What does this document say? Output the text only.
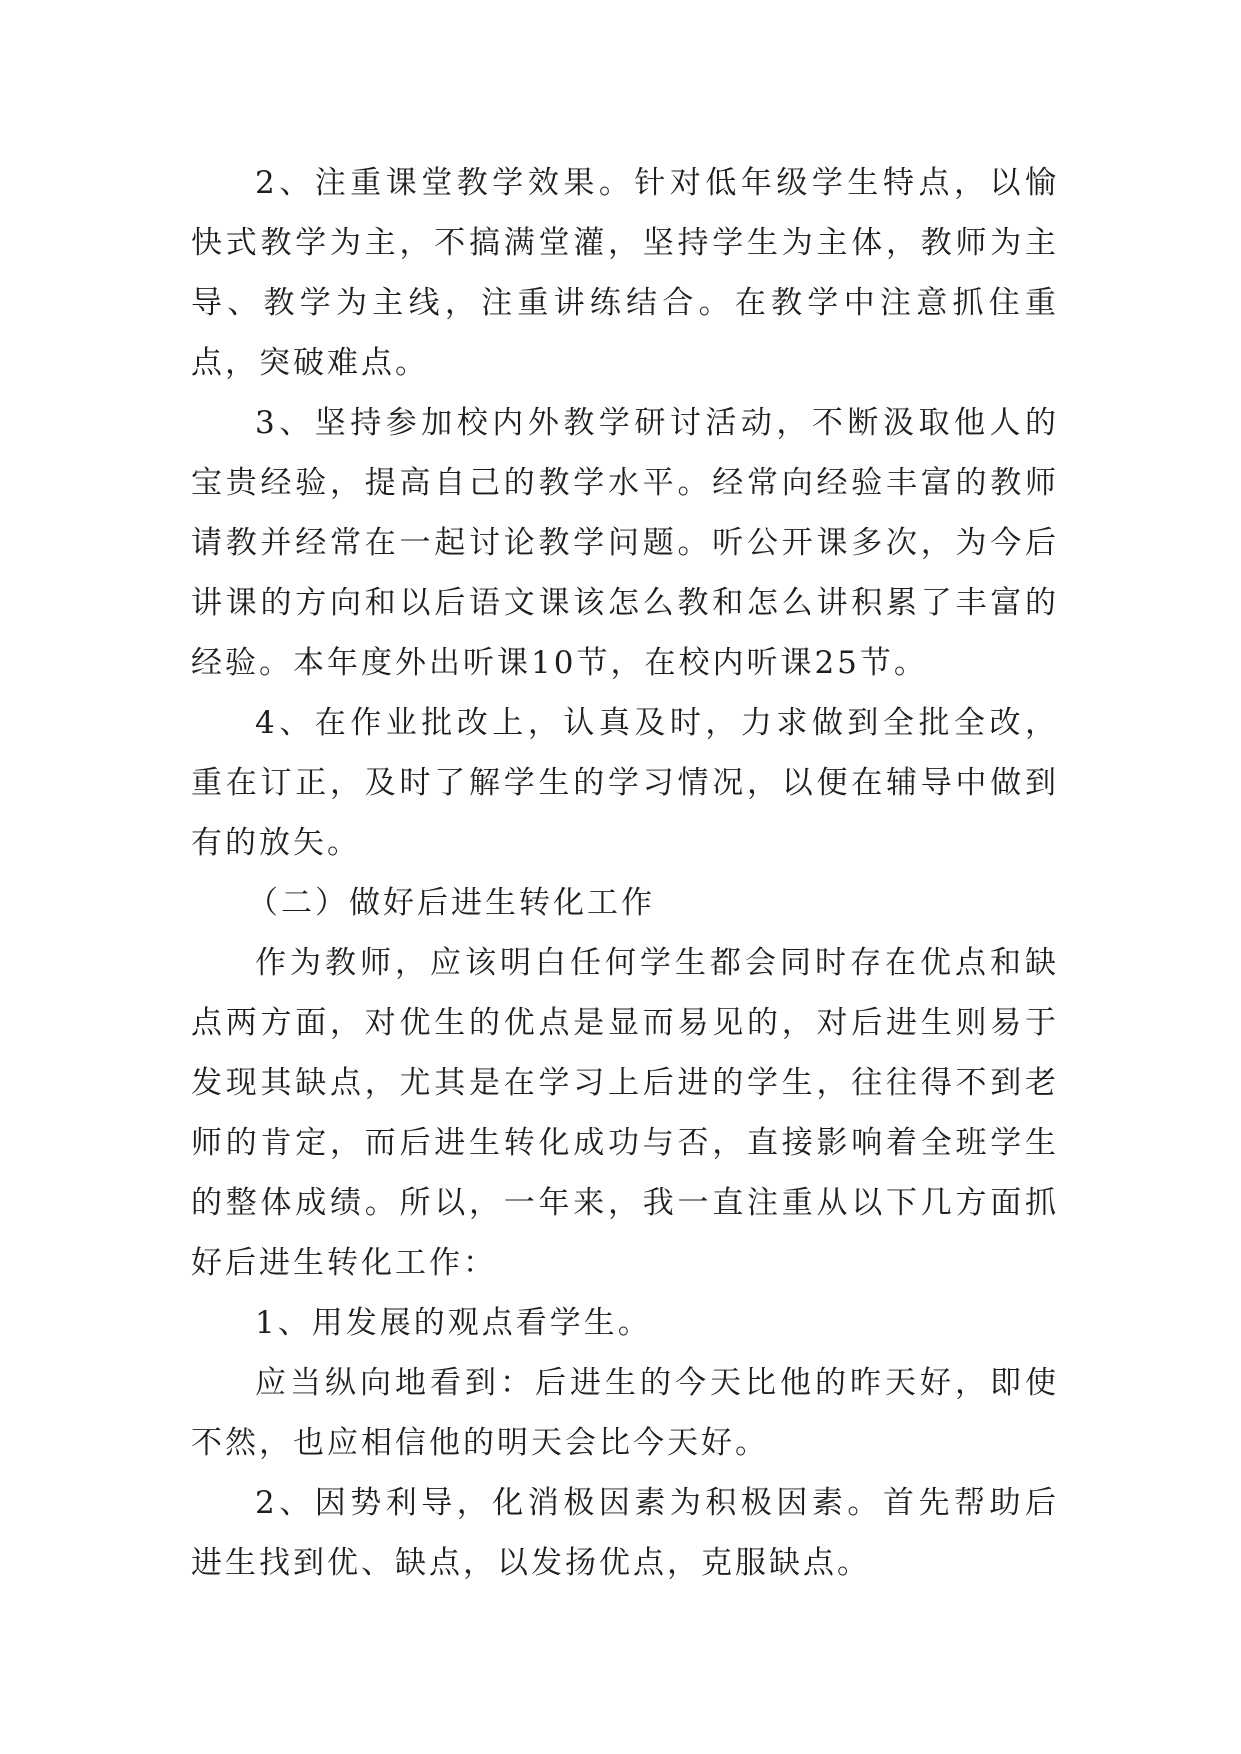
2、注重课堂教学效果。针对低年级学生特点，以愉快式教学为主，不搞满堂灌，坚持学生为主体，教师为主导、教学为主线，注重讲练结合。在教学中注意抓住重点，突破难点。

3、坚持参加校内外教学研讨活动，不断汲取他人的宝贵经验，提高自己的教学水平。经常向经验丰富的教师请教并经常在一起讨论教学问题。听公开课多次，为今后讲课的方向和以后语文课该怎么教和怎么讲积累了丰富的经验。本年度外出听课10节，在校内听课25节。

4、在作业批改上，认真及时，力求做到全批全改，重在订正，及时了解学生的学习情况，以便在辅导中做到有的放矢。

（二）做好后进生转化工作

作为教师，应该明白任何学生都会同时存在优点和缺点两方面，对优生的优点是显而易见的，对后进生则易于发现其缺点，尤其是在学习上后进的学生，往往得不到老师的肯定，而后进生转化成功与否，直接影响着全班学生的整体成绩。所以，一年来，我一直注重从以下几方面抓好后进生转化工作：

1、用发展的观点看学生。

应当纵向地看到：后进生的今天比他的昨天好，即使不然，也应相信他的明天会比今天好。

2、因势利导，化消极因素为积极因素。首先帮助后进生找到优、缺点，以发扬优点，克服缺点。
